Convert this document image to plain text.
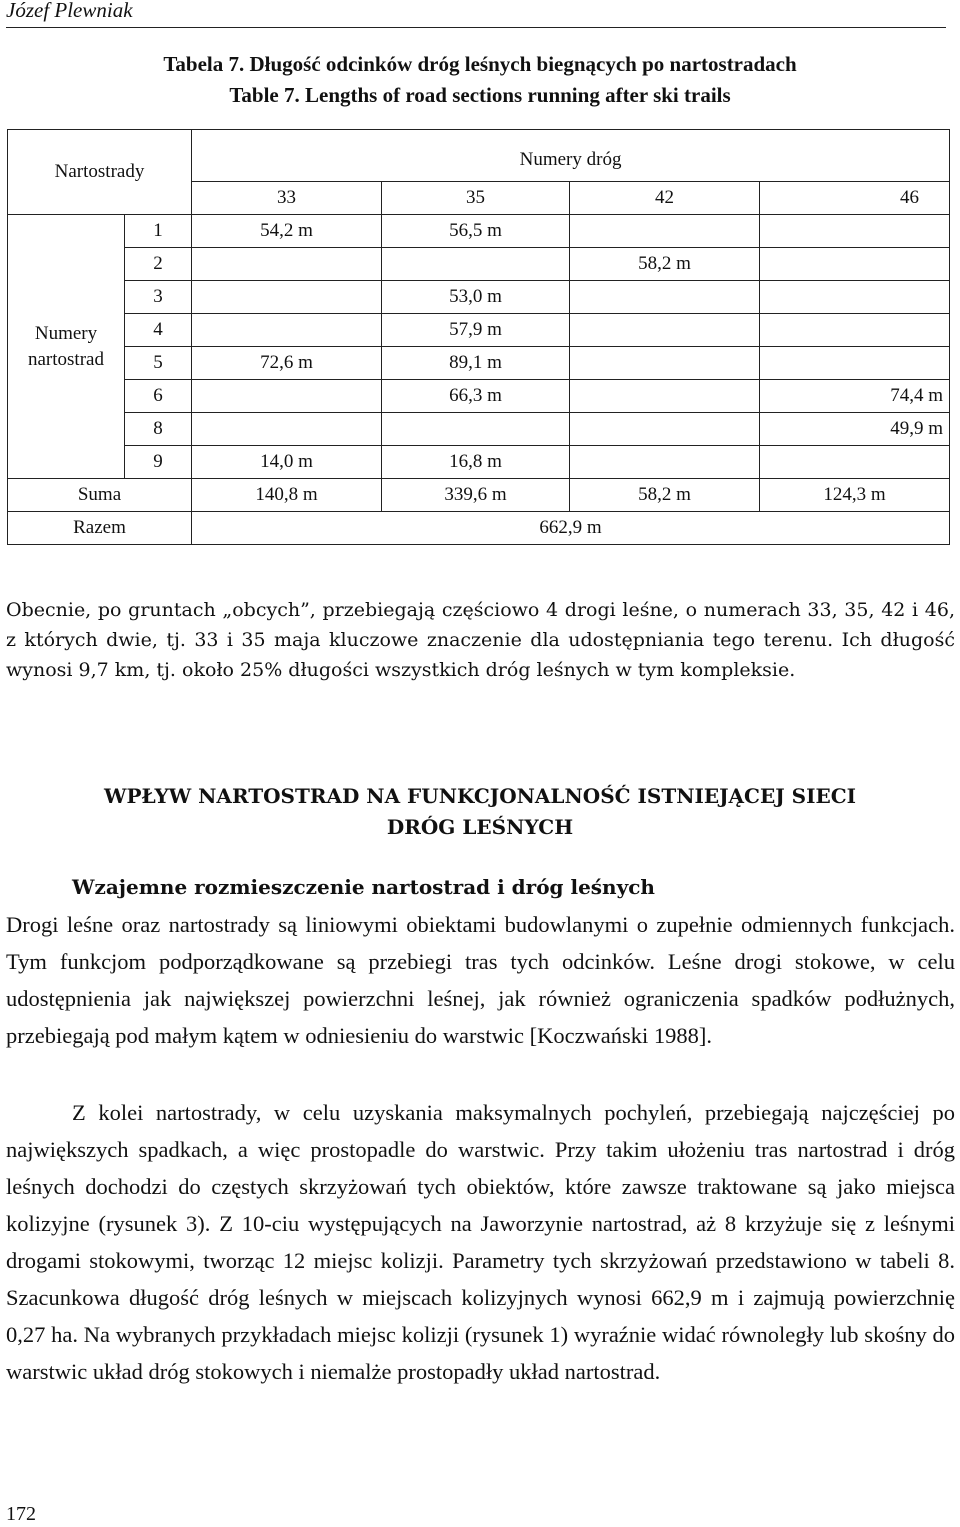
Józef Plewniak
Tabela 7. Długość odcinków dróg leśnych biegnących po nartostradach
Table 7. Lengths of road sections running after ski trails
Nartostrady		Numery dróg			
		33	35	42	46
Numery
nartostrad	1	54,2 m	56,5 m		
	2			58,2 m	
	3		53,0 m		
	4		57,9 m		
	5	72,6 m	89,1 m		
	6		66,3 m		74,4 m
	8				49,9 m
	9	14,0 m	16,8 m		
Suma		140,8 m	339,6 m	58,2 m	124,3 m
Razem		662,9 m			
Obecnie, po gruntach „obcych”, przebiegają częściowo 4 drogi leśne, o numerach 33, 35, 42 i 46, z których dwie, tj. 33 i 35 maja kluczowe znaczenie dla udostępniania tego terenu. Ich długość wynosi 9,7 km, tj. około 25% długości wszystkich dróg leśnych w tym kompleksie.
WPŁYW NARTOSTRAD NA FUNKCJONALNOŚĆ ISTNIEJĄCEJ SIECI
DRÓG LEŚNYCH
Wzajemne rozmieszczenie nartostrad i dróg leśnych
Drogi leśne oraz nartostrady są liniowymi obiektami budowlanymi o zupełnie odmiennych funkcjach. Tym funkcjom podporządkowane są przebiegi tras tych odcinków. Leśne drogi stokowe, w celu udostępnienia jak największej powierzchni leśnej, jak również ograniczenia spadków podłużnych, przebiegają pod małym kątem w odniesieniu do warstwic [Koczwański 1988].
Z kolei nartostrady, w celu uzyskania maksymalnych pochyleń, przebiegają najczęściej po największych spadkach, a więc prostopadle do warstwic. Przy takim ułożeniu tras nartostrad i dróg leśnych dochodzi do częstych skrzyżowań tych obiektów, które zawsze traktowane są jako miejsca kolizyjne (rysunek 3). Z 10-ciu występujących na Jaworzynie nartostrad, aż 8 krzyżuje się z leśnymi drogami stokowymi, tworząc 12 miejsc kolizji. Parametry tych skrzyżowań przedstawiono w tabeli 8. Szacunkowa długość dróg leśnych w miejscach kolizyjnych wynosi 662,9 m i zajmują powierzchnię 0,27 ha. Na wybranych przykładach miejsc kolizji (rysunek 1) wyraźnie widać równoległy lub skośny do warstwic układ dróg stokowych i niemalże prostopadły układ nartostrad.
172
